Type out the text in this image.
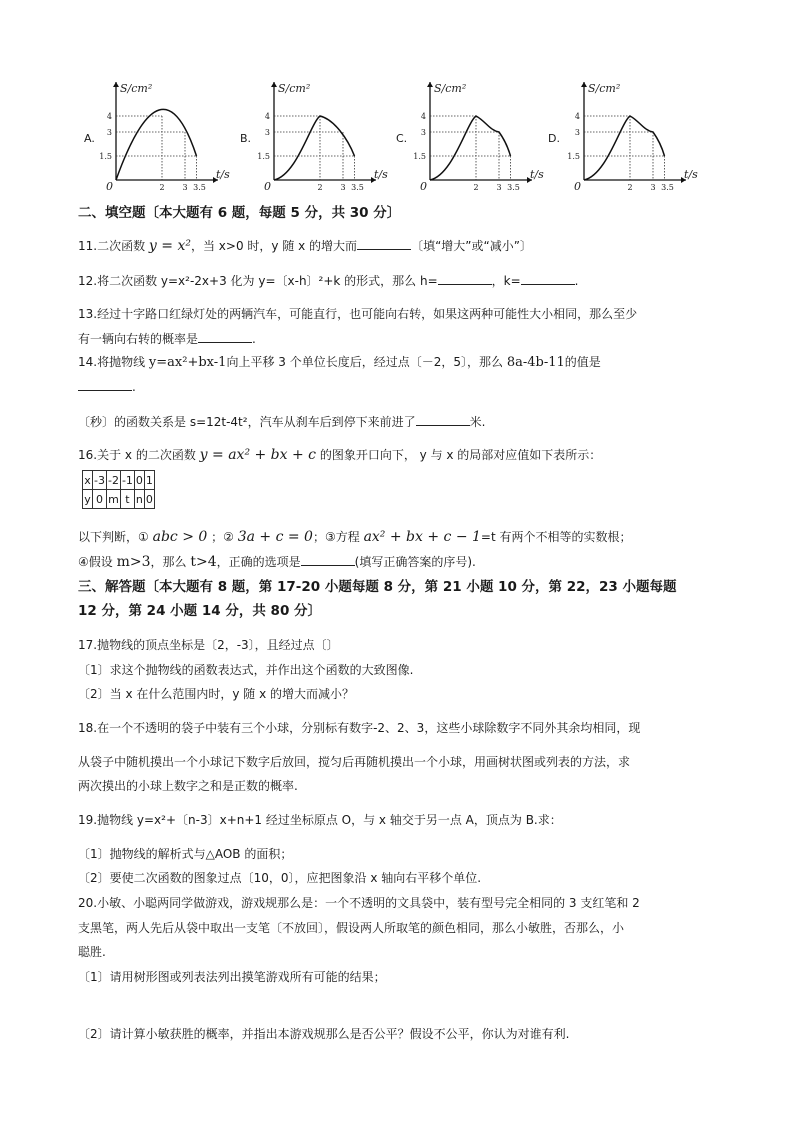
A.
S/cm²
t/s
0
4
3
1.5
2 3 3.5
B.
S/cm²
t/s
0
4
3
1.5
2 3 3.5
C.
S/cm²
t/s
0
4
3
1.5
2 3 3.5
D.
S/cm²
t/s
0
4
3
1.5
2 3 3.5
二、填空题〔本大题有 6 题，每题 5 分，共 30 分〕
11.二次函数 y = x²，当 x>0 时，y 随 x 的增大而	〔填“增大”或“减小”〕
12.将二次函数 y=x²-2x+3 化为 y=〔x-h〕²+k 的形式，那么 h=	，k=	.
13.经过十字路口红绿灯处的两辆汽车，可能直行，也可能向右转，如果这两种可能性大小相同，那么至少
有一辆向右转的概率是	.
14.将抛物线 y=ax²+bx-1向上平移 3 个单位长度后，经过点〔－2，5〕，那么 8a-4b-11的值是
.
〔秒〕的函数关系是 s=12t-4t²，汽车从刹车后到停下来前进了	米.
16.关于 x 的二次函数 y = ax² + bx + c 的图象开口向下， y 与 x 的局部对应值如下表所示：
x	-3	-2	-1	0	1
y	0	m	t	n	0
以下判断，① abc > 0 ；② 3a + c = 0；③方程 ax² + bx + c − 1=t 有两个不相等的实数根；
④假设 m>3，那么 t>4，正确的选项是	(填写正确答案的序号).
三、解答题〔本大题有 8 题，第 17-20 小题每题 8 分，第 21 小题 10 分，第 22，23 小题每题
12 分，第 24 小题 14 分，共 80 分〕
17.抛物线的顶点坐标是〔2，-3〕，且经过点〔〕
〔1〕求这个抛物线的函数表达式，并作出这个函数的大致图像.
〔2〕当 x 在什么范围内时，y 随 x 的增大而减小？
18.在一个不透明的袋子中装有三个小球，分别标有数字-2、2、3，这些小球除数字不同外其余均相同，现
从袋子中随机摸出一个小球记下数字后放回，搅匀后再随机摸出一个小球，用画树状图或列表的方法，求
两次摸出的小球上数字之和是正数的概率.
19.抛物线 y=x²+〔n-3〕x+n+1 经过坐标原点 O，与 x 轴交于另一点 A，顶点为 B.求：
〔1〕抛物线的解析式与△AOB 的面积；
〔2〕要使二次函数的图象过点〔10，0〕，应把图象沿 x 轴向右平移个单位.
20.小敏、小聪两同学做游戏，游戏规那么是：一个不透明的文具袋中，装有型号完全相同的 3 支红笔和 2
支黑笔，两人先后从袋中取出一支笔〔不放回〕，假设两人所取笔的颜色相同，那么小敏胜，否那么，小
聪胜.
〔1〕请用树形图或列表法列出摸笔游戏所有可能的结果；
〔2〕请计算小敏获胜的概率，并指出本游戏规那么是否公平？假设不公平，你认为对谁有利.
